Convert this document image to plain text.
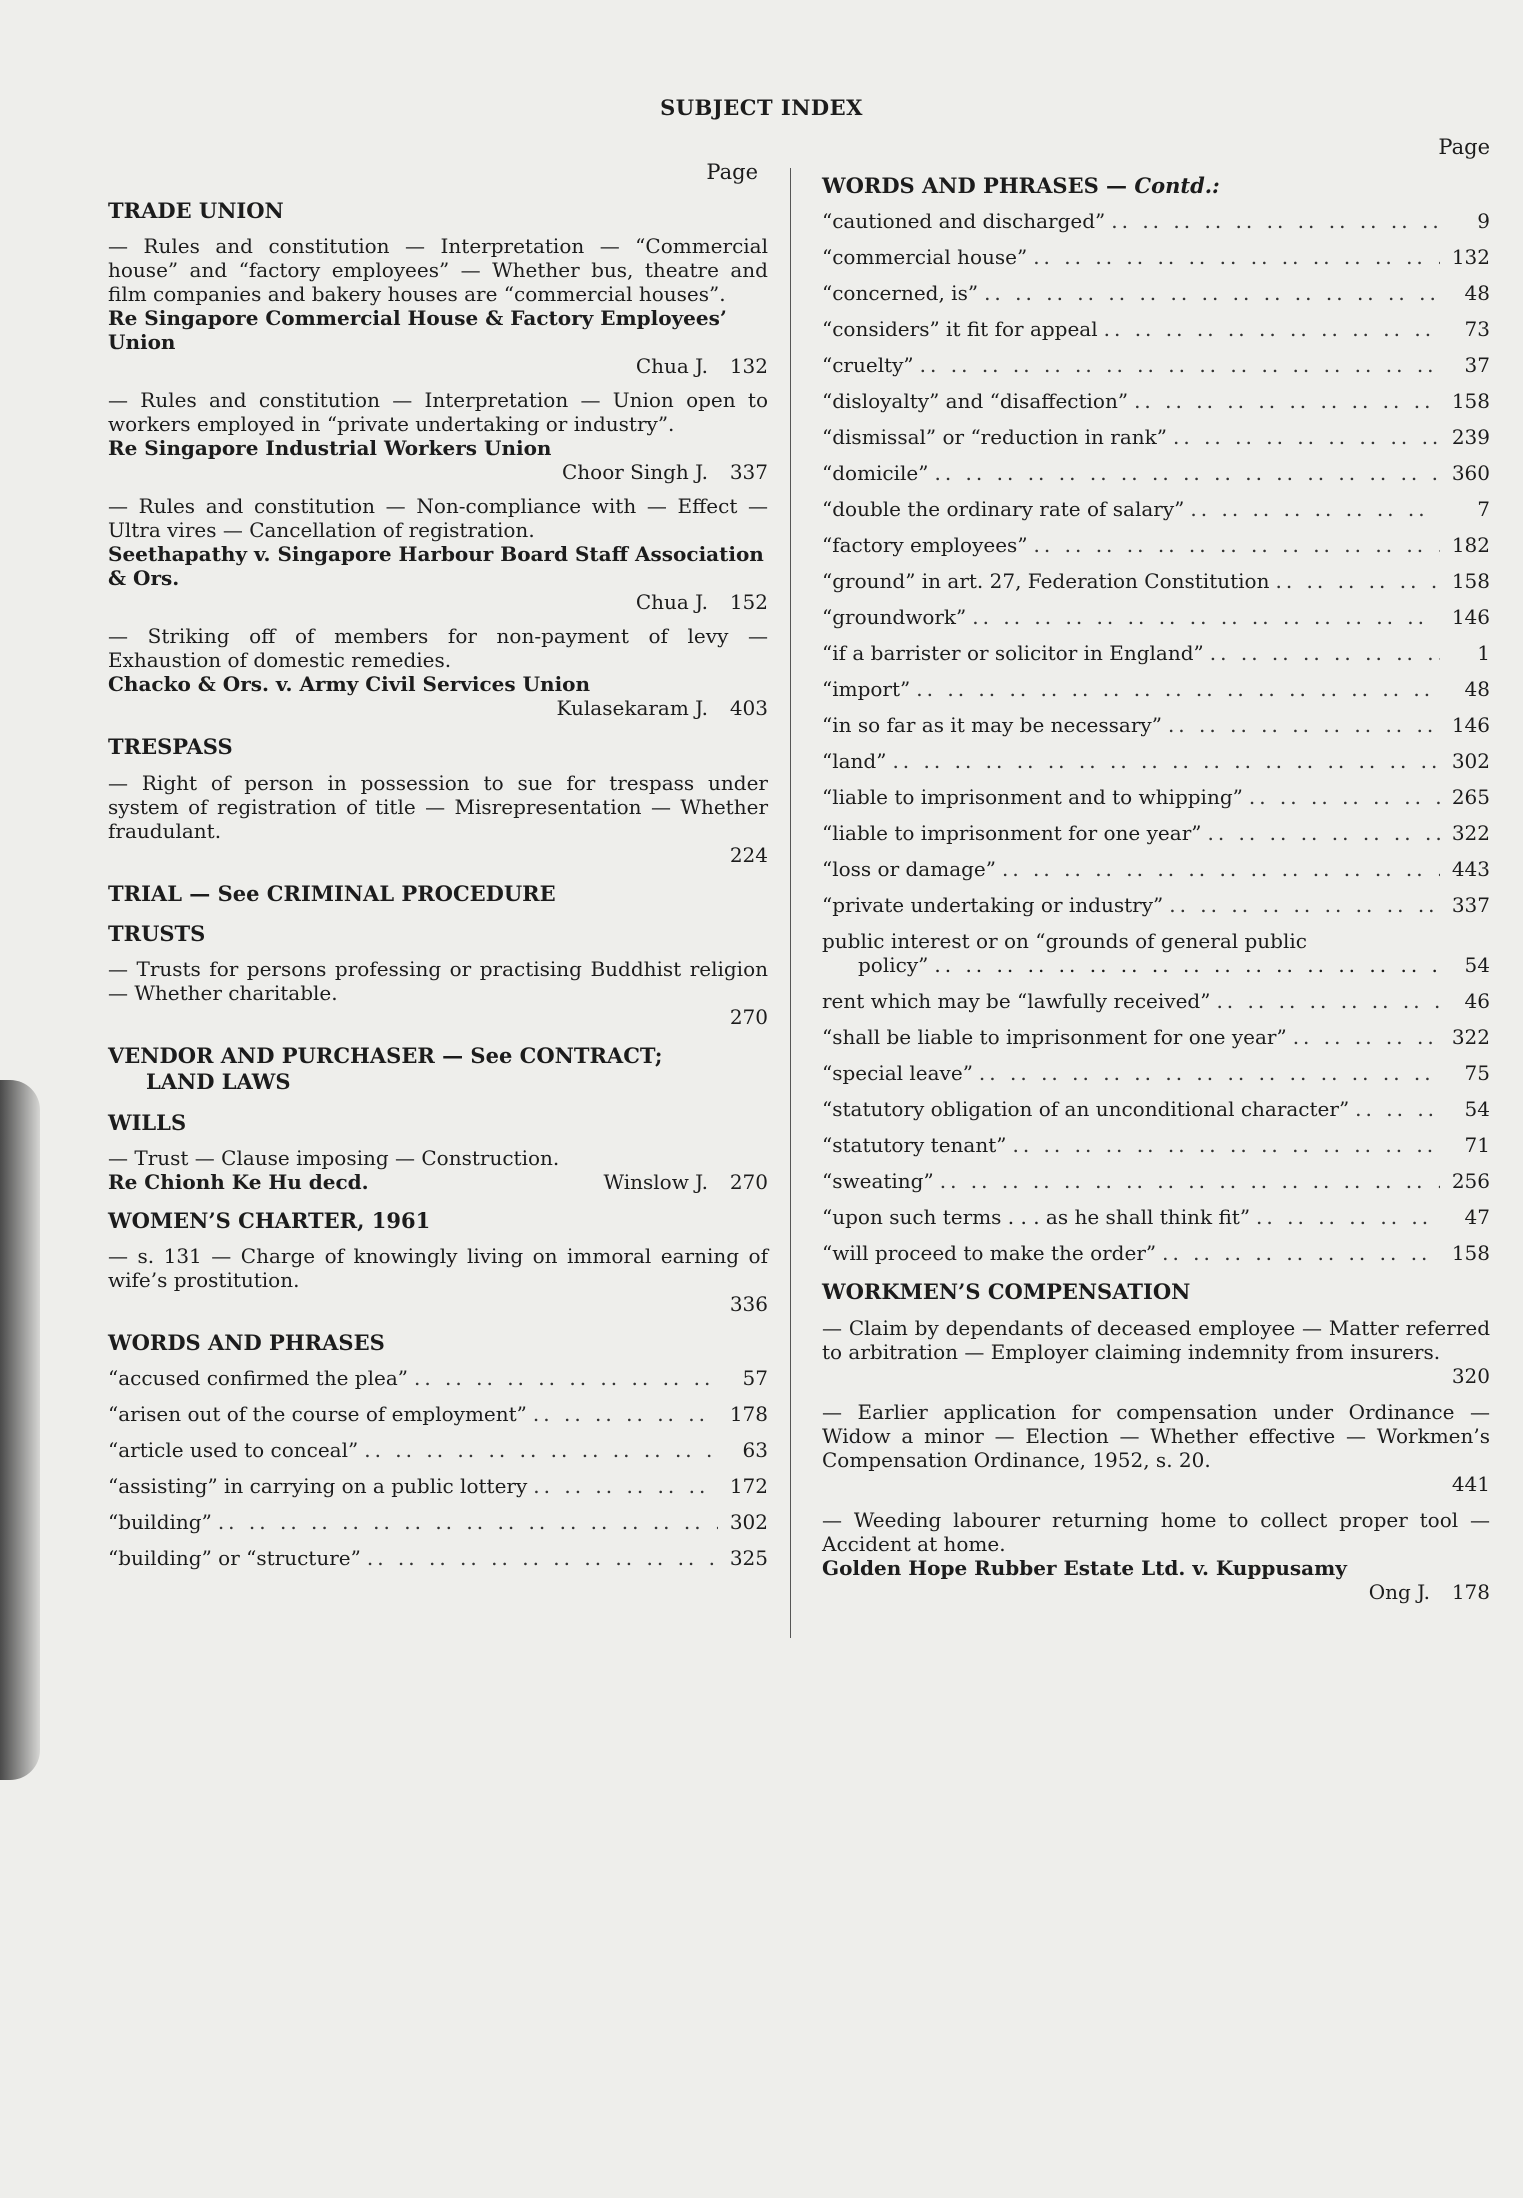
SUBJECT INDEX
Page
TRADE UNION
— Rules and constitution — Interpretation — “Commercial house” and “factory employees” — Whether bus, theatre and film companies and bakery houses are “commercial houses”.
Re Singapore Commercial House & Factory Employees’ Union
Chua J.	132
— Rules and constitution — Interpretation — Union open to workers employed in “private undertaking or industry”.
Re Singapore Industrial Workers Union
Choor Singh J.	337
— Rules and constitution — Non-compliance with — Effect — Ultra vires — Cancellation of registration.
Seethapathy v. Singapore Harbour Board Staff Association & Ors.
Chua J.	152
— Striking off of members for non-payment of levy — Exhaustion of domestic remedies.
Chacko & Ors. v. Army Civil Services Union
Kulasekaram J.	403
TRESPASS
— Right of person in possession to sue for trespass under system of registration of title — Misrepresentation — Whether fraudulant.
224
TRIAL — See CRIMINAL PROCEDURE
TRUSTS
— Trusts for persons professing or practising Buddhist religion — Whether charitable.
270
VENDOR AND PURCHASER — See CONTRACT;
LAND LAWS
WILLS
— Trust — Clause imposing — Construction.
Re Chionh Ke Hu decd.	Winslow J. 270
WOMEN’S CHARTER, 1961
— s. 131 — Charge of knowingly living on immoral earning of wife’s prostitution.
336
WORDS AND PHRASES
“accused confirmed the plea” .. ..	57
“arisen out of the course of employment” .. ..	178
“article used to conceal” .. ..	63
“assisting” in carrying on a public lottery .. ..	172
“building” .. ..	302
“building” or “structure” .. ..	325
Page
WORDS AND PHRASES — Contd.:
“cautioned and discharged” .. ..	9
“commercial house” .. ..	132
“concerned, is” .. ..	48
“considers” it fit for appeal .. ..	73
“cruelty” .. ..	37
“disloyalty” and “disaffection” .. ..	158
“dismissal” or “reduction in rank” .. ..	239
“domicile” .. ..	360
“double the ordinary rate of salary” .. ..	7
“factory employees” .. ..	182
“ground” in art. 27, Federation Constitution .. ..	158
“groundwork” .. ..	146
“if a barrister or solicitor in England” .. ..	1
“import” .. ..	48
“in so far as it may be necessary” .. ..	146
“land” .. ..	302
“liable to imprisonment and to whipping” .. ..	265
“liable to imprisonment for one year” .. ..	322
“loss or damage” .. ..	443
“private undertaking or industry” .. ..	337
public interest or on “grounds of general public
policy” .. ..	54
rent which may be “lawfully received” .. ..	46
“shall be liable to imprisonment for one year” .. ..	322
“special leave” .. ..	75
“statutory obligation of an unconditional character” .. ..	54
“statutory tenant” .. ..	71
“sweating” .. ..	256
“upon such terms . . . as he shall think fit” .. ..	47
“will proceed to make the order” .. ..	158
WORKMEN’S COMPENSATION
— Claim by dependants of deceased employee — Matter referred to arbitration — Employer claiming indemnity from insurers.
320
— Earlier application for compensation under Ordinance — Widow a minor — Election — Whether effective — Workmen’s Compensation Ordinance, 1952, s. 20.
441
— Weeding labourer returning home to collect proper tool — Accident at home.
Golden Hope Rubber Estate Ltd. v. Kuppusamy
Ong J.	178
